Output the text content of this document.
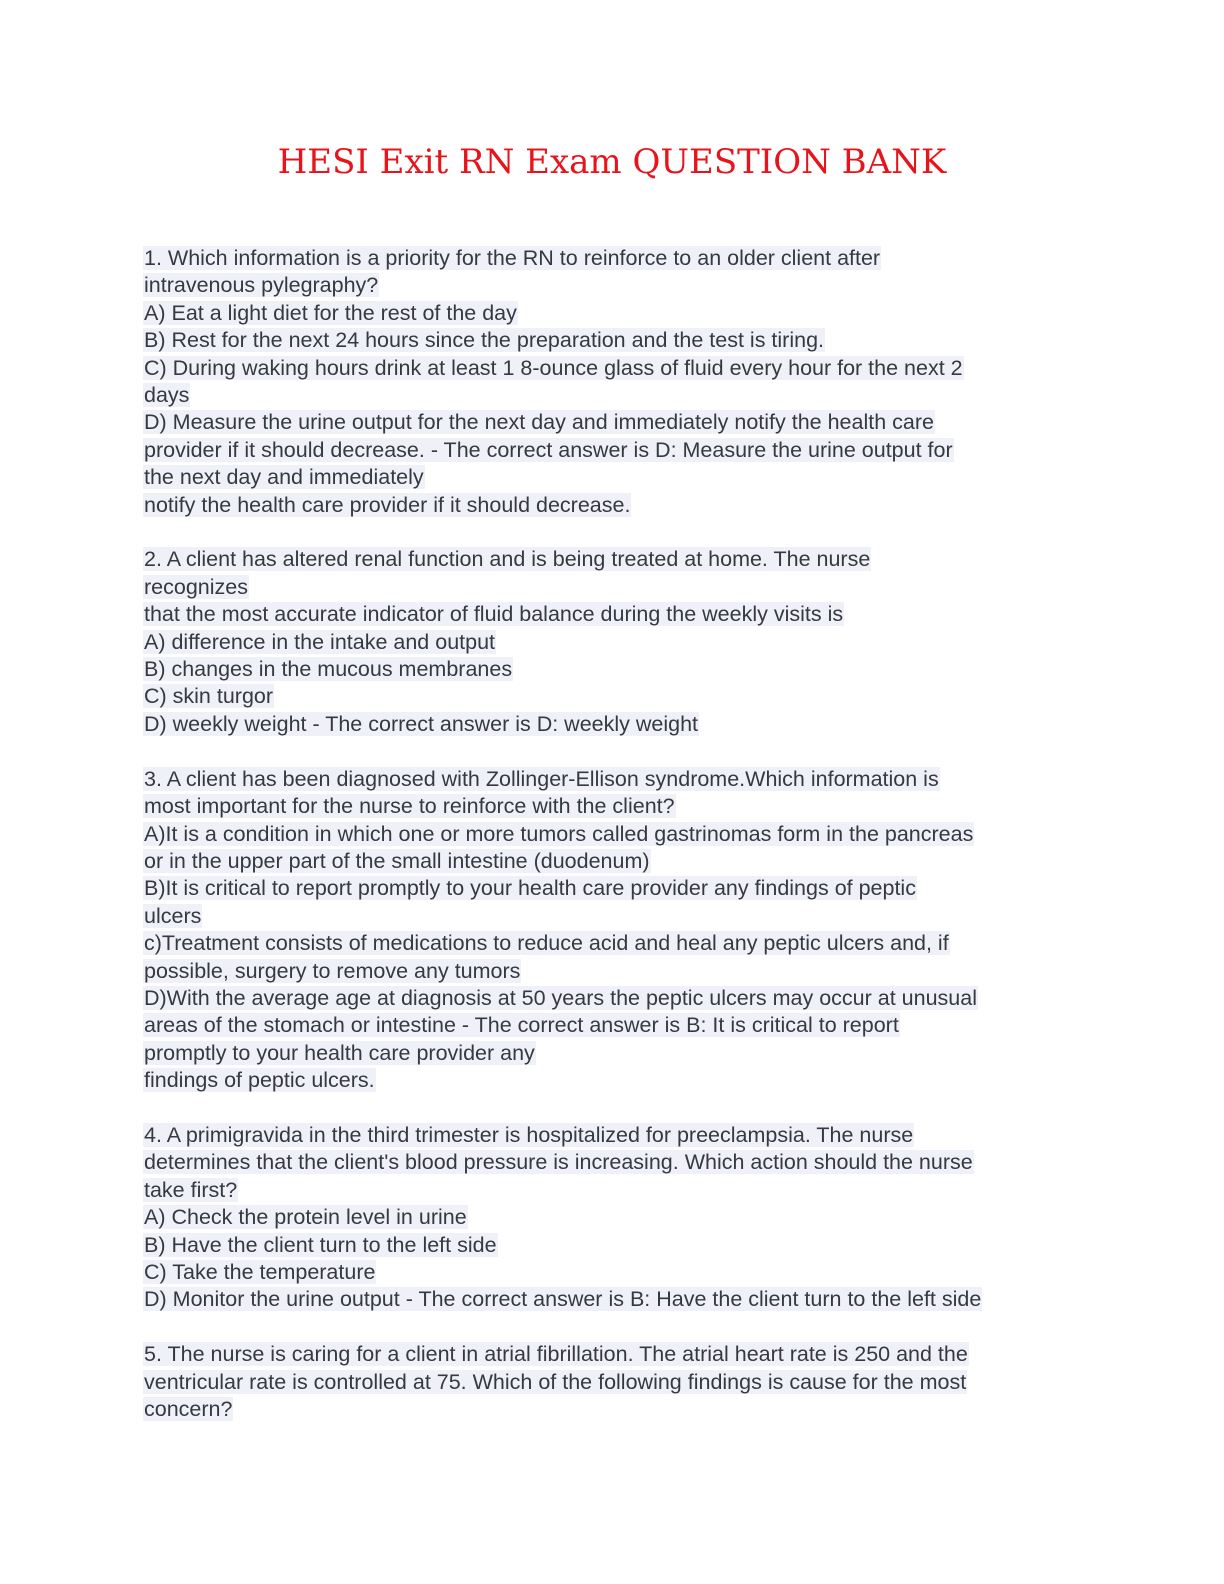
HESI Exit RN Exam QUESTION BANK
1. Which information is a priority for the RN to reinforce to an older client after
intravenous pylegraphy?
A) Eat a light diet for the rest of the day
B) Rest for the next 24 hours since the preparation and the test is tiring.
C) During waking hours drink at least 1 8-ounce glass of fluid every hour for the next 2
days
D) Measure the urine output for the next day and immediately notify the health care
provider if it should decrease. - The correct answer is D: Measure the urine output for
the next day and immediately
notify the health care provider if it should decrease.
2. A client has altered renal function and is being treated at home. The nurse
recognizes
that the most accurate indicator of fluid balance during the weekly visits is
A) difference in the intake and output
B) changes in the mucous membranes
C) skin turgor
D) weekly weight - The correct answer is D: weekly weight
3. A client has been diagnosed with Zollinger-Ellison syndrome.Which information is
most important for the nurse to reinforce with the client?
A)It is a condition in which one or more tumors called gastrinomas form in the pancreas
or in the upper part of the small intestine (duodenum)
B)It is critical to report promptly to your health care provider any findings of peptic
ulcers
c)Treatment consists of medications to reduce acid and heal any peptic ulcers and, if
possible, surgery to remove any tumors
D)With the average age at diagnosis at 50 years the peptic ulcers may occur at unusual
areas of the stomach or intestine - The correct answer is B: It is critical to report
promptly to your health care provider any
findings of peptic ulcers.
4. A primigravida in the third trimester is hospitalized for preeclampsia. The nurse
determines that the client's blood pressure is increasing. Which action should the nurse
take first?
A) Check the protein level in urine
B) Have the client turn to the left side
C) Take the temperature
D) Monitor the urine output - The correct answer is B: Have the client turn to the left side
5. The nurse is caring for a client in atrial fibrillation. The atrial heart rate is 250 and the
ventricular rate is controlled at 75. Which of the following findings is cause for the most
concern?
